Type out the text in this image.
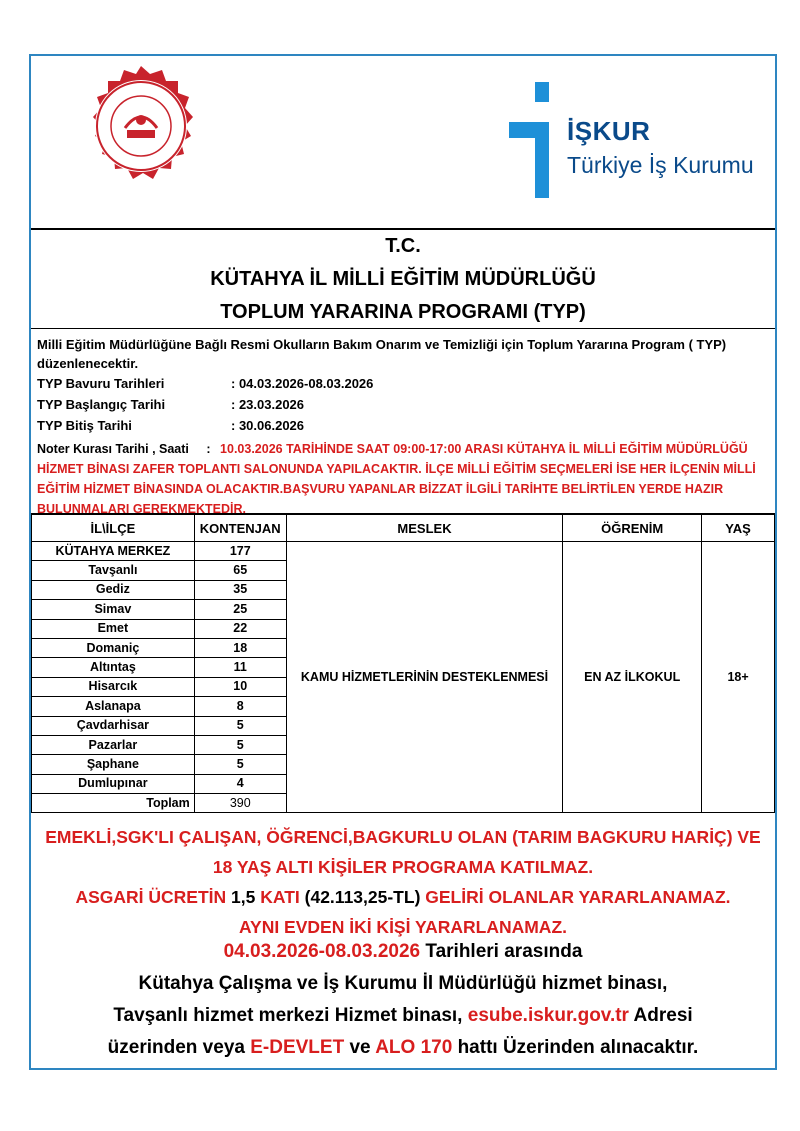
İŞKUR
Türkiye İş Kurumu
T.C.
KÜTAHYA İL MİLLİ EĞİTİM MÜDÜRLÜĞÜ
TOPLUM YARARINA PROGRAMI (TYP)
Milli Eğitim Müdürlüğüne Bağlı Resmi Okulların Bakım Onarım ve Temizliği için Toplum Yararına Program ( TYP) düzenlenecektir.
TYP Bavuru Tarihleri	: 04.03.2026-08.03.2026
TYP Başlangıç Tarihi	: 23.03.2026
TYP Bitiş Tarihi	: 30.06.2026
Noter Kurası Tarihi , Saati : 10.03.2026 TARİHİNDE SAAT 09:00-17:00 ARASI KÜTAHYA İL MİLLİ EĞİTİM MÜDÜRLÜĞÜ HİZMET BİNASI ZAFER TOPLANTI SALONUNDA YAPILACAKTIR. İLÇE MİLLİ EĞİTİM SEÇMELERİ İSE HER İLÇENİN MİLLİ EĞİTİM HİZMET BİNASINDA OLACAKTIR.BAŞVURU YAPANLAR BİZZAT İLGİLİ TARİHTE BELİRTİLEN YERDE HAZIR BULUNMALARI GEREKMEKTEDİR.
İL\İLÇE	KONTENJAN	MESLEK	ÖĞRENİM	YAŞ
KÜTAHYA MERKEZ	177	KAMU HİZMETLERİNİN DESTEKLENMESİ	EN AZ İLKOKUL	18+
Tavşanlı	65			
Gediz	35			
Simav	25			
Emet	22			
Domaniç	18			
Altıntaş	11			
Hisarcık	10			
Aslanapa	8			
Çavdarhisar	5			
Pazarlar	5			
Şaphane	5			
Dumlupınar	4			
Toplam	390			
EMEKLİ,SGK'LI ÇALIŞAN, ÖĞRENCİ,BAGKURLU OLAN (TARIM BAGKURU HARİÇ) VE
18 YAŞ ALTI KİŞİLER PROGRAMA KATILMAZ.
ASGARİ ÜCRETİN 1,5 KATI (42.113,25-TL) GELİRİ OLANLAR YARARLANAMAZ.
AYNI EVDEN İKİ KİŞİ YARARLANAMAZ.
04.03.2026-08.03.2026 Tarihleri arasında
Kütahya Çalışma ve İş Kurumu İl Müdürlüğü hizmet binası,
Tavşanlı hizmet merkezi Hizmet binası, esube.iskur.gov.tr Adresi
üzerinden veya E-DEVLET ve ALO 170 hattı Üzerinden alınacaktır.
